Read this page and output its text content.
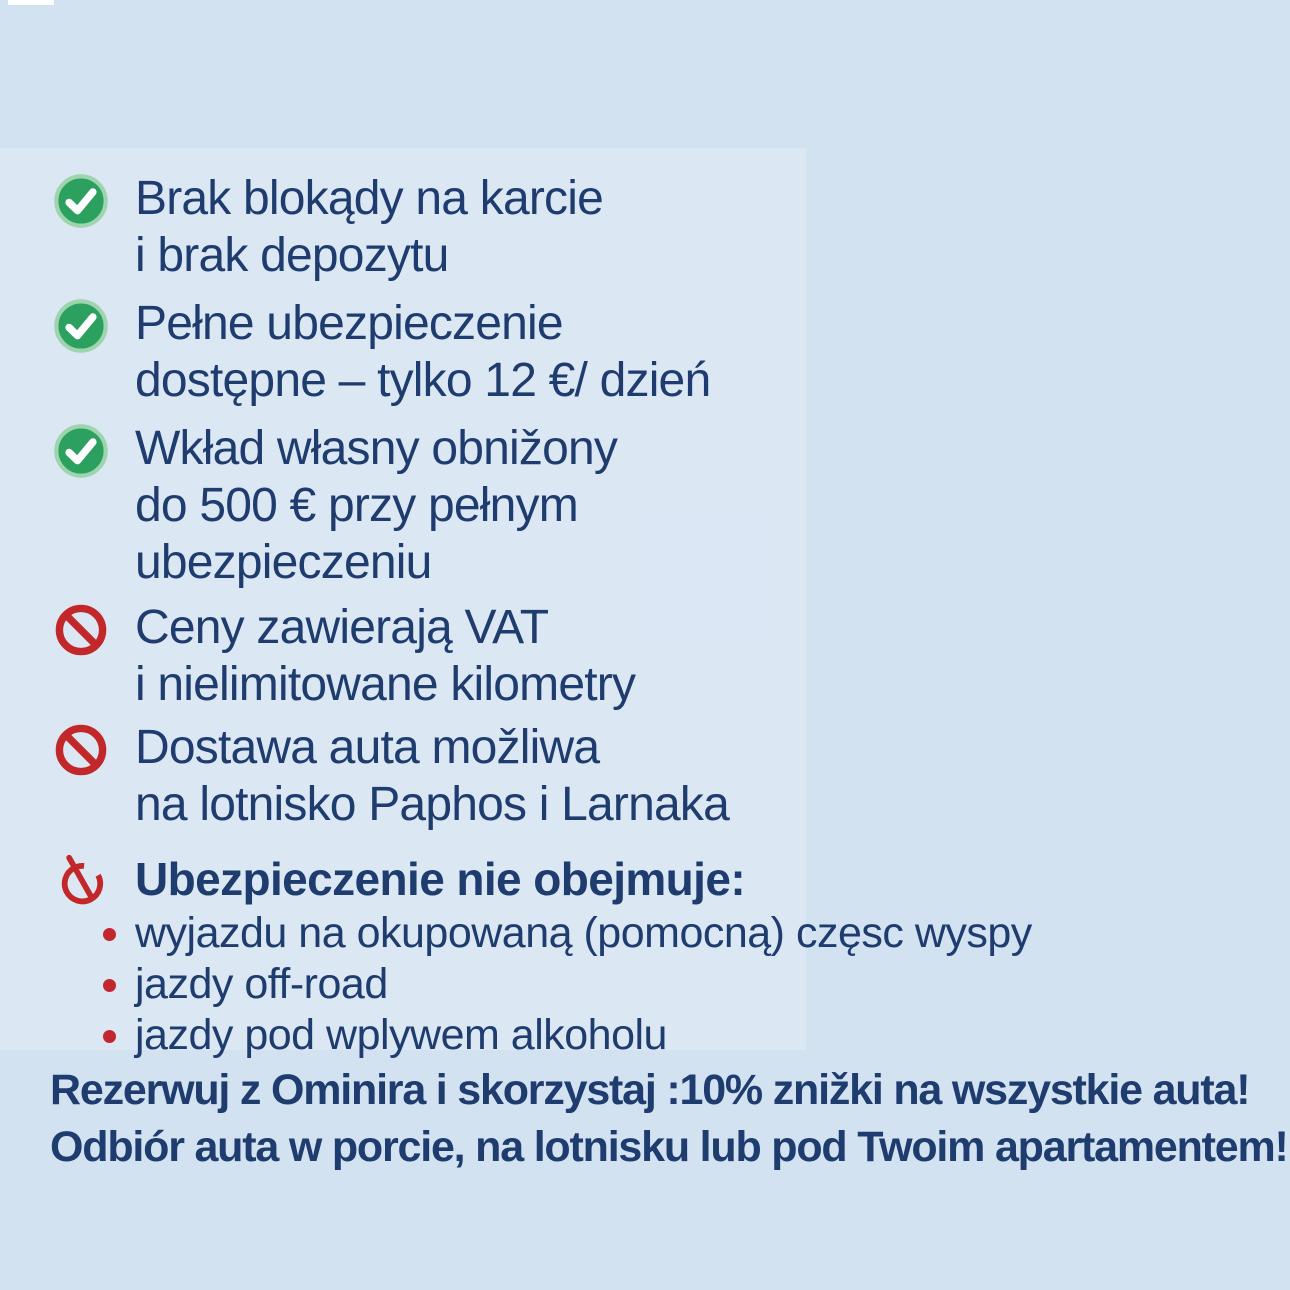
Brak blokądy na karcie
i brak depozytu
Pełne ubezpieczenie
dostępne – tylko 12 €/ dzień
Wkład własny obnižony
do 500 € przy pełnym
ubezpieczeniu
Ceny zawierają VAT
i nielimitowane kilometry
Dostawa auta možliwa
na lotnisko Paphos i Larnaka
Ubezpieczenie nie obejmuje:
wyjazdu na okupowaną (pomocną) częsc wyspy
jazdy off-road
jazdy pod wplywem alkoholu
Rezerwuj z Ominira i skorzystaj :10% znižki na wszystkie auta!
Odbiór auta w porcie, na lotnisku lub pod Twoim apartamentem!
